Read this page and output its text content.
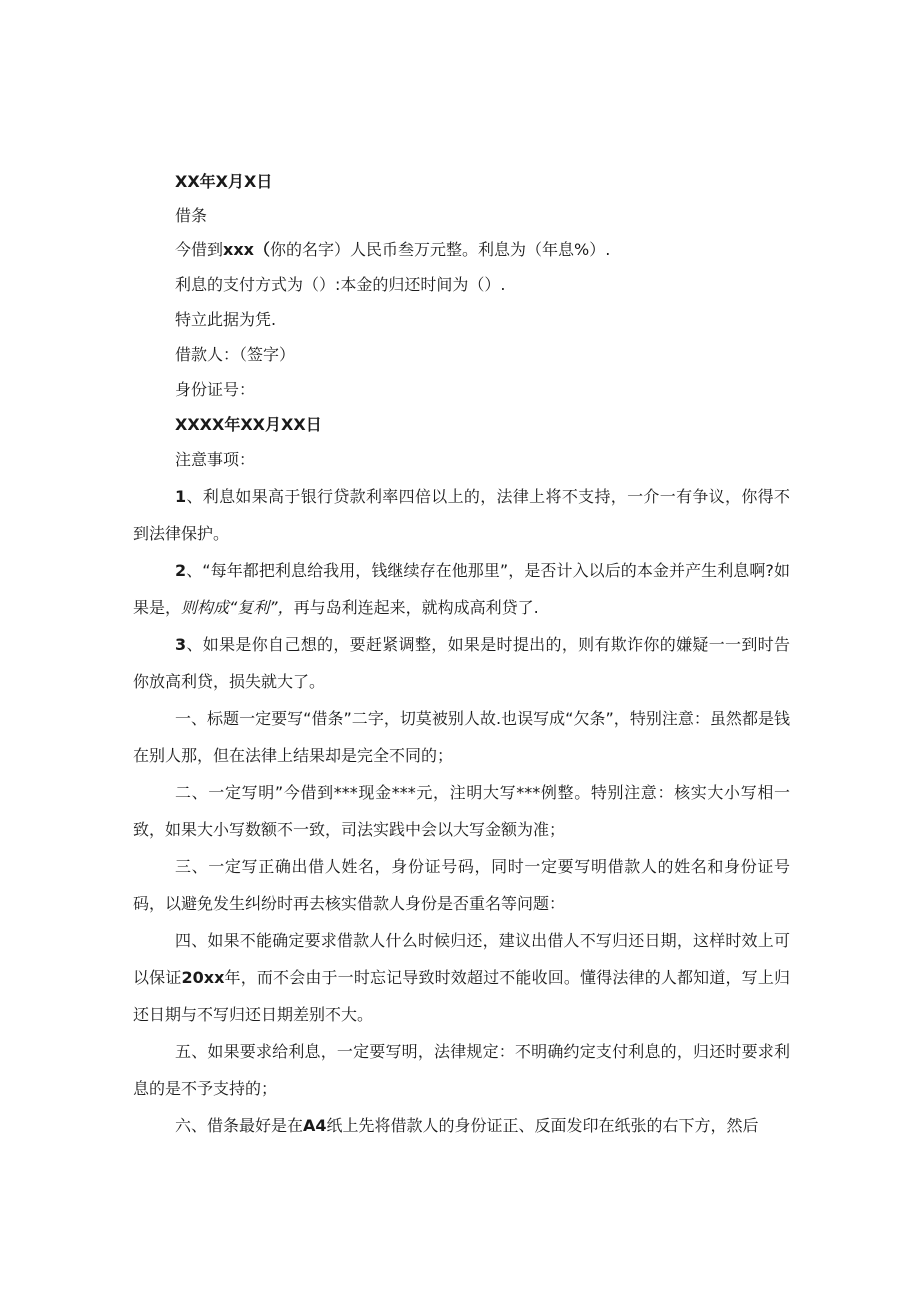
XX年X月X日

借条

今借到xxx（你的名字）人民币叁万元整。利息为（年息%）.

利息的支付方式为（）:本金的归还时间为（）.

特立此据为凭.

借款人：（签字）

身份证号：

XXXX年XX月XX日

注意事项：

1、利息如果高于银行贷款利率四倍以上的，法律上将不支持，一介一有争议，你得不到法律保护。

2、“每年都把利息给我用，钱继续存在他那里”，是否计入以后的本金并产生利息啊?如果是，则构成“复利”，再与岛利连起来，就构成高利贷了.

3、如果是你自己想的，要赶紧调整，如果是时提出的，则有欺诈你的嫌疑一一到时告你放高利贷，损失就大了。

一、标题一定要写“借条”二字，切莫被别人故.也误写成“欠条”，特别注意：虽然都是钱在别人那，但在法律上结果却是完全不同的；

二、一定写明”今借到***现金***元，注明大写***例整。特别注意：核实大小写相一致，如果大小写数额不一致，司法实践中会以大写金额为准；

三、一定写正确出借人姓名，身份证号码，同时一定要写明借款人的姓名和身份证号码，以避免发生纠纷时再去核实借款人身份是否重名等问题：

四、如果不能确定要求借款人什么时候归还，建议出借人不写归还日期，这样时效上可以保证20xx年，而不会由于一时忘记导致时效超过不能收回。懂得法律的人都知道，写上归还日期与不写归还日期差别不大。

五、如果要求给利息，一定要写明，法律规定：不明确约定支付利息的，归还时要求利息的是不予支持的；

六、借条最好是在A4纸上先将借款人的身份证正、反面发印在纸张的右下方，然后
